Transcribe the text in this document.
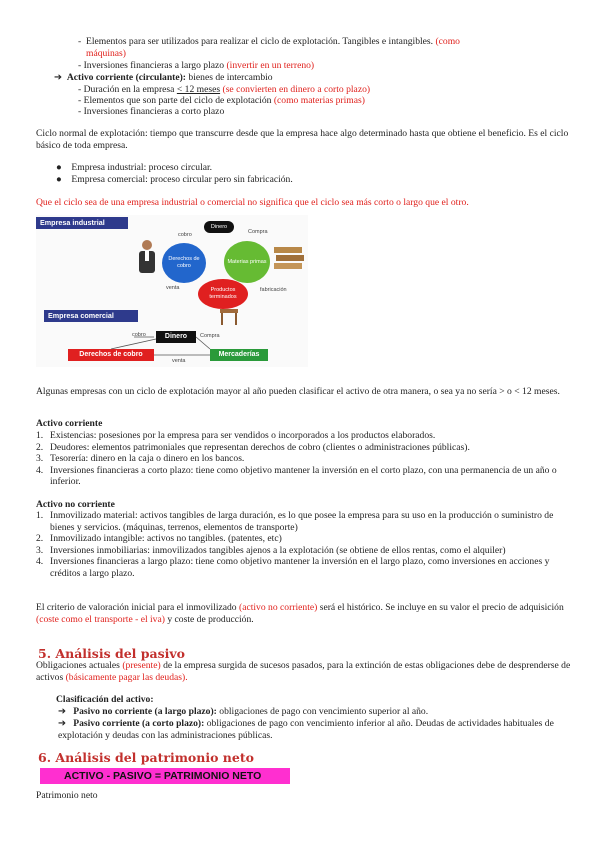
- Elementos para ser utilizados para realizar el ciclo de explotación. Tangibles e intangibles. (como
máquinas)
- Inversiones financieras a largo plazo (invertir en un terreno)
➔ Activo corriente (circulante): bienes de intercambio
- Duración en la empresa < 12 meses (se convierten en dinero a corto plazo)
- Elementos que son parte del ciclo de explotación (como materias primas)
- Inversiones financieras a corto plazo
Ciclo normal de explotación: tiempo que transcurre desde que la empresa hace algo determinado hasta que obtiene el beneficio. Es el ciclo básico de toda empresa.
● Empresa industrial: proceso circular.
● Empresa comercial: proceso circular pero sin fabricación.
Que el ciclo sea de una empresa industrial o comercial no significa que el ciclo sea más corto o largo que el otro.
Empresa industrial	Dinero
Compra
cobro
Derechos de cobro
Materias primas
Productos terminados
venta	fabricación
Empresa comercial
cobro	Dinero	Compra
Derechos de cobro	Mercaderías
venta
Algunas empresas con un ciclo de explotación mayor al año pueden clasificar el activo de otra manera, o sea ya no sería > o < 12 meses.
Activo corriente
1. Existencias: posesiones por la empresa para ser vendidos o incorporados a los productos elaborados.
2. Deudores: elementos patrimoniales que representan derechos de cobro (clientes o administraciones públicas).
3. Tesorería: dinero en la caja o dinero en los bancos.
4. Inversiones financieras a corto plazo: tiene como objetivo mantener la inversión en el corto plazo, con una permanencia de un año o inferior.
Activo no corriente
1. Inmovilizado material: activos tangibles de larga duración, es lo que posee la empresa para su uso en la producción o suministro de bienes y servicios. (máquinas, terrenos, elementos de transporte)
2. Inmovilizado intangible: activos no tangibles. (patentes, etc)
3. Inversiones inmobiliarias: inmovilizados tangibles ajenos a la explotación (se obtiene de ellos rentas, como el alquiler)
4. Inversiones financieras a largo plazo: tiene como objetivo mantener la inversión en el largo plazo, como inversiones en acciones y créditos a largo plazo.
El criterio de valoración inicial para el inmovilizado (activo no corriente) será el histórico. Se incluye en su valor el precio de adquisición (coste como el transporte - el iva) y coste de producción.
5. Análisis del pasivo
Obligaciones actuales (presente) de la empresa surgida de sucesos pasados, para la extinción de estas obligaciones debe de desprenderse de activos (básicamente pagar las deudas).
Clasificación del activo:
➔ Pasivo no corriente (a largo plazo): obligaciones de pago con vencimiento superior al año.
➔ Pasivo corriente (a corto plazo): obligaciones de pago con vencimiento inferior al año. Deudas de actividades habituales de explotación y deudas con las administraciones públicas.
6. Análisis del patrimonio neto
ACTIVO - PASIVO = PATRIMONIO NETO
Patrimonio neto
